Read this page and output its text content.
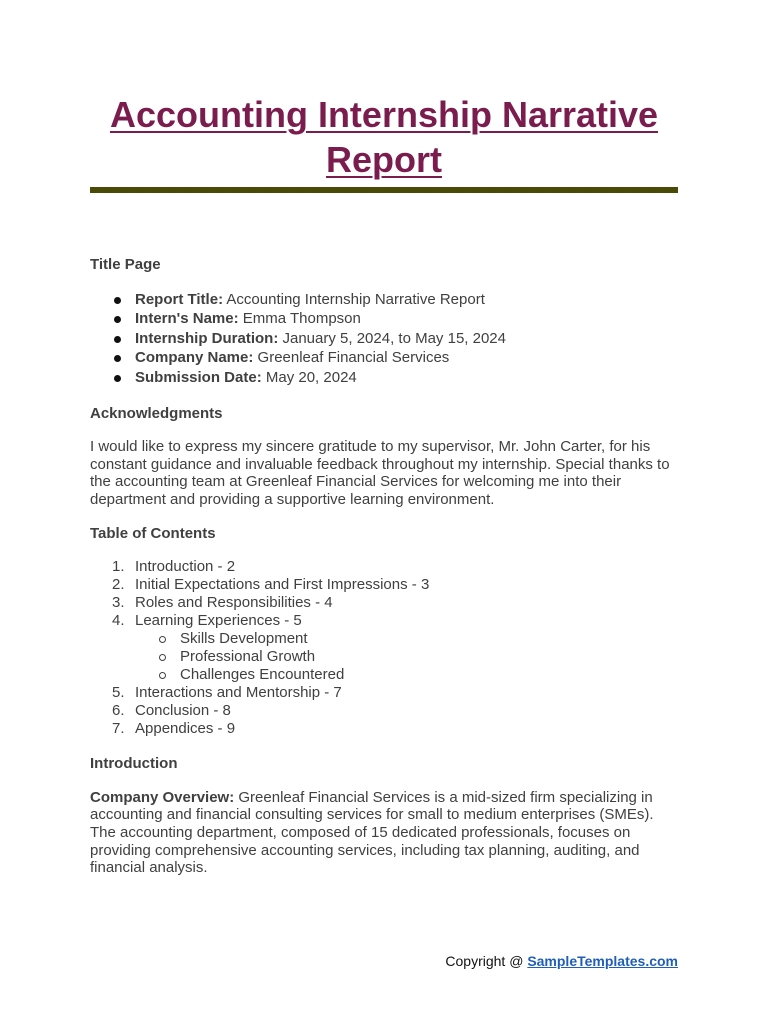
Accounting Internship Narrative Report
Title Page
Report Title: Accounting Internship Narrative Report
Intern's Name: Emma Thompson
Internship Duration: January 5, 2024, to May 15, 2024
Company Name: Greenleaf Financial Services
Submission Date: May 20, 2024
Acknowledgments

I would like to express my sincere gratitude to my supervisor, Mr. John Carter, for his constant guidance and invaluable feedback throughout my internship. Special thanks to the accounting team at Greenleaf Financial Services for welcoming me into their department and providing a supportive learning environment.

Table of Contents
1. Introduction - 2
2. Initial Expectations and First Impressions - 3
3. Roles and Responsibilities - 4
4. Learning Experiences - 5
Skills Development
Professional Growth
Challenges Encountered
5. Interactions and Mentorship - 7
6. Conclusion - 8
7. Appendices - 9
Introduction

Company Overview: Greenleaf Financial Services is a mid-sized firm specializing in accounting and financial consulting services for small to medium enterprises (SMEs). The accounting department, composed of 15 dedicated professionals, focuses on providing comprehensive accounting services, including tax planning, auditing, and financial analysis.

Copyright @ SampleTemplates.com
